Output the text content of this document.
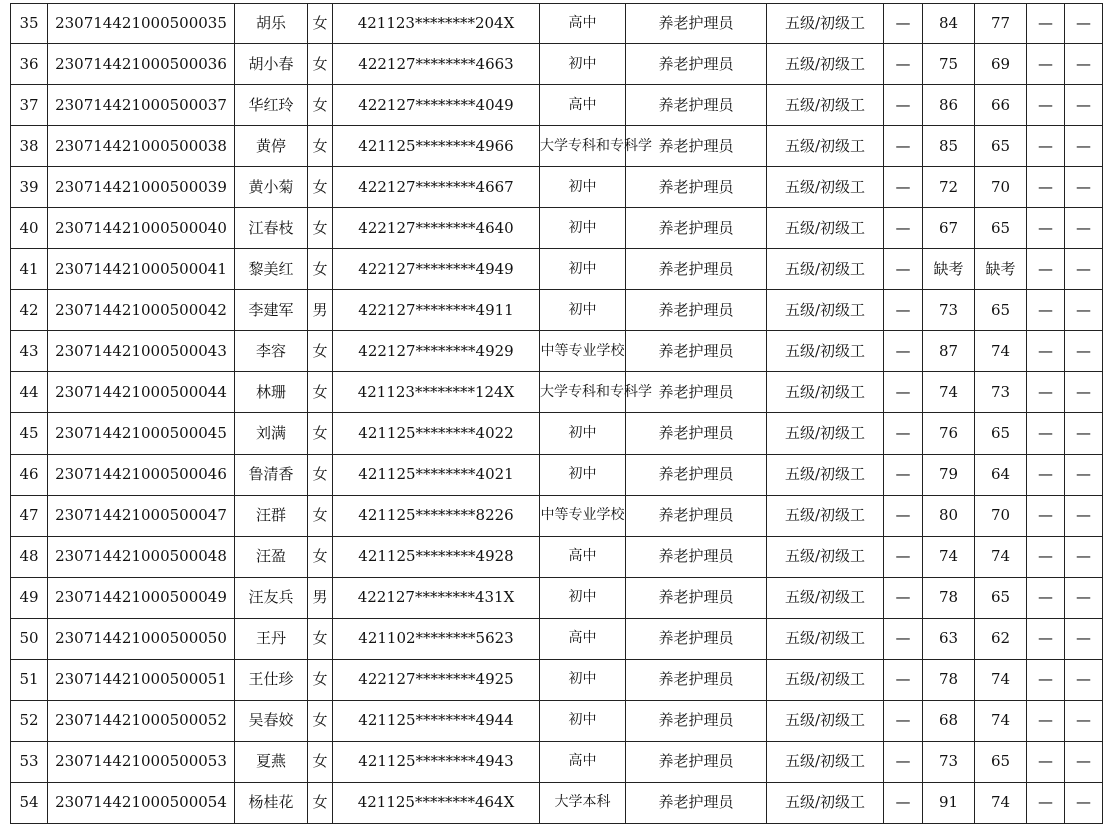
35	230714421000500035	胡乐	女	421123********204X	高中	养老护理员	五级/初级工	—	84	77	—	—
36	230714421000500036	胡小春	女	422127********4663	初中	养老护理员	五级/初级工	—	75	69	—	—
37	230714421000500037	华红玲	女	422127********4049	高中	养老护理员	五级/初级工	—	86	66	—	—
38	230714421000500038	黄停	女	421125********4966	大学专科和专科学	养老护理员	五级/初级工	—	85	65	—	—
39	230714421000500039	黄小菊	女	422127********4667	初中	养老护理员	五级/初级工	—	72	70	—	—
40	230714421000500040	江春枝	女	422127********4640	初中	养老护理员	五级/初级工	—	67	65	—	—
41	230714421000500041	黎美红	女	422127********4949	初中	养老护理员	五级/初级工	—	缺考	缺考	—	—
42	230714421000500042	李建军	男	422127********4911	初中	养老护理员	五级/初级工	—	73	65	—	—
43	230714421000500043	李容	女	422127********4929	中等专业学校	养老护理员	五级/初级工	—	87	74	—	—
44	230714421000500044	林珊	女	421123********124X	大学专科和专科学	养老护理员	五级/初级工	—	74	73	—	—
45	230714421000500045	刘满	女	421125********4022	初中	养老护理员	五级/初级工	—	76	65	—	—
46	230714421000500046	鲁清香	女	421125********4021	初中	养老护理员	五级/初级工	—	79	64	—	—
47	230714421000500047	汪群	女	421125********8226	中等专业学校	养老护理员	五级/初级工	—	80	70	—	—
48	230714421000500048	汪盈	女	421125********4928	高中	养老护理员	五级/初级工	—	74	74	—	—
49	230714421000500049	汪友兵	男	422127********431X	初中	养老护理员	五级/初级工	—	78	65	—	—
50	230714421000500050	王丹	女	421102********5623	高中	养老护理员	五级/初级工	—	63	62	—	—
51	230714421000500051	王仕珍	女	422127********4925	初中	养老护理员	五级/初级工	—	78	74	—	—
52	230714421000500052	吴春姣	女	421125********4944	初中	养老护理员	五级/初级工	—	68	74	—	—
53	230714421000500053	夏燕	女	421125********4943	高中	养老护理员	五级/初级工	—	73	65	—	—
54	230714421000500054	杨桂花	女	421125********464X	大学本科	养老护理员	五级/初级工	—	91	74	—	—
